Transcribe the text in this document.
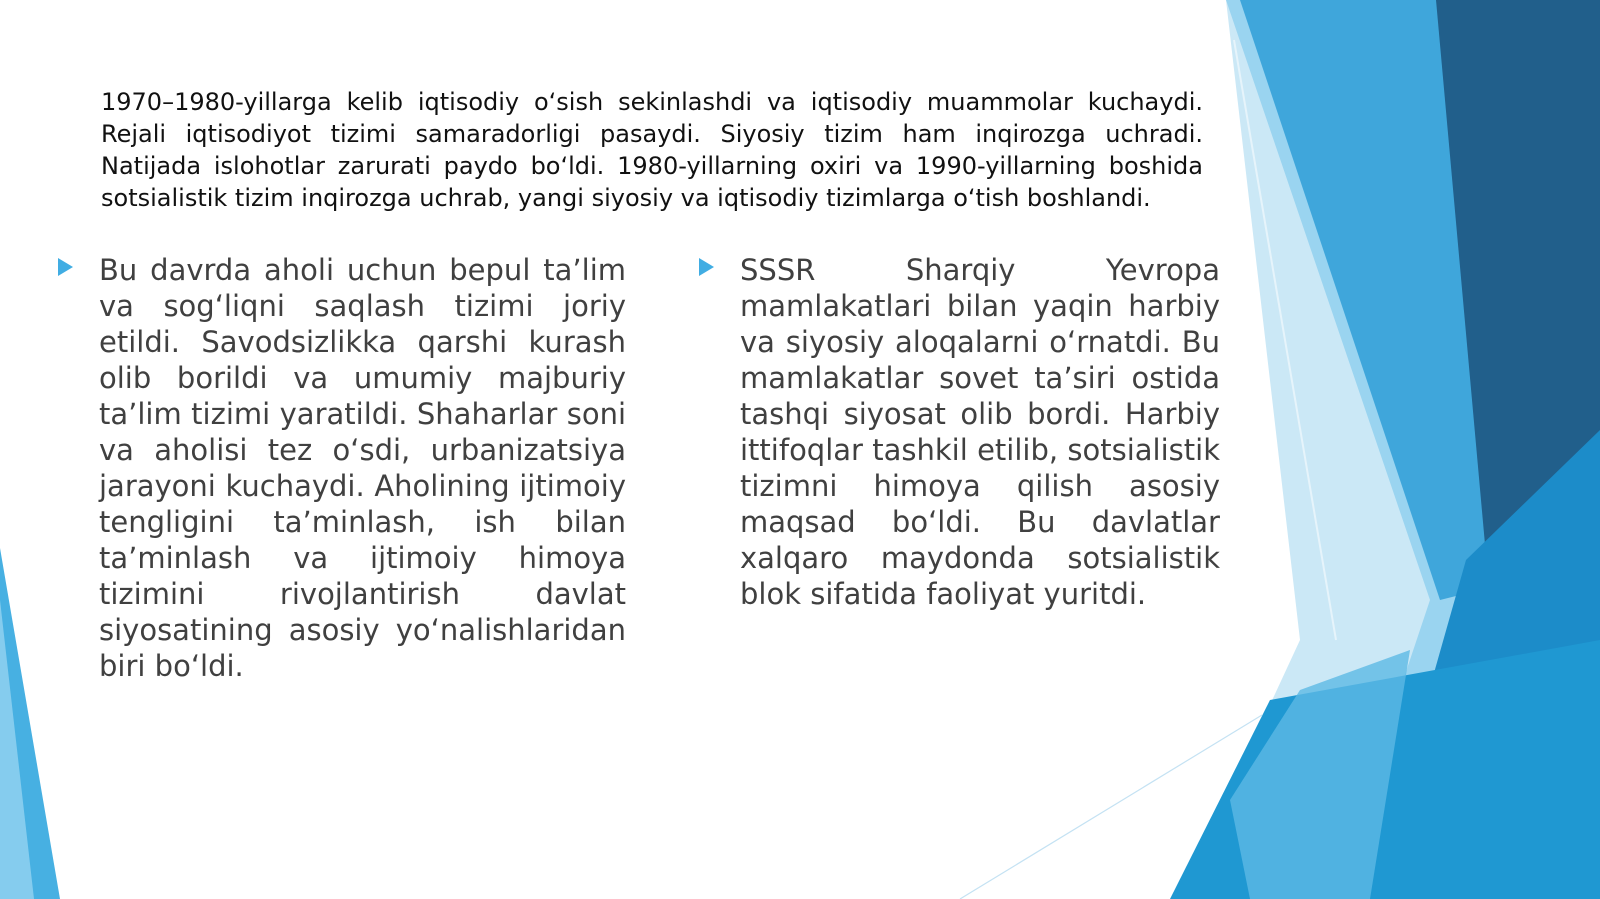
1970–1980-yillarga kelib iqtisodiy o‘sish sekinlashdi va iqtisodiy muammolar kuchaydi. Rejali iqtisodiyot tizimi samaradorligi pasaydi. Siyosiy tizim ham inqirozga uchradi. Natijada islohotlar zarurati paydo bo‘ldi. 1980-yillarning oxiri va 1990-yillarning boshida sotsialistik tizim inqirozga uchrab, yangi siyosiy va iqtisodiy tizimlarga o‘tish boshlandi.

Bu davrda aholi uchun bepul ta’lim va sog‘liqni saqlash tizimi joriy etildi. Savodsizlikka qarshi kurash olib borildi va umumiy majburiy ta’lim tizimi yaratildi. Shaharlar soni va aholisi tez o‘sdi, urbanizatsiya jarayoni kuchaydi. Aholining ijtimoiy tengligini ta’minlash, ish bilan ta’minlash va ijtimoiy himoya tizimini rivojlantirish davlat siyosatining asosiy yo‘nalishlaridan biri bo‘ldi.

SSSR Sharqiy Yevropa mamlakatlari bilan yaqin harbiy va siyosiy aloqalarni o‘rnatdi. Bu mamlakatlar sovet ta’siri ostida tashqi siyosat olib bordi. Harbiy ittifoqlar tashkil etilib, sotsialistik tizimni himoya qilish asosiy maqsad bo‘ldi. Bu davlatlar xalqaro maydonda sotsialistik blok sifatida faoliyat yuritdi.
